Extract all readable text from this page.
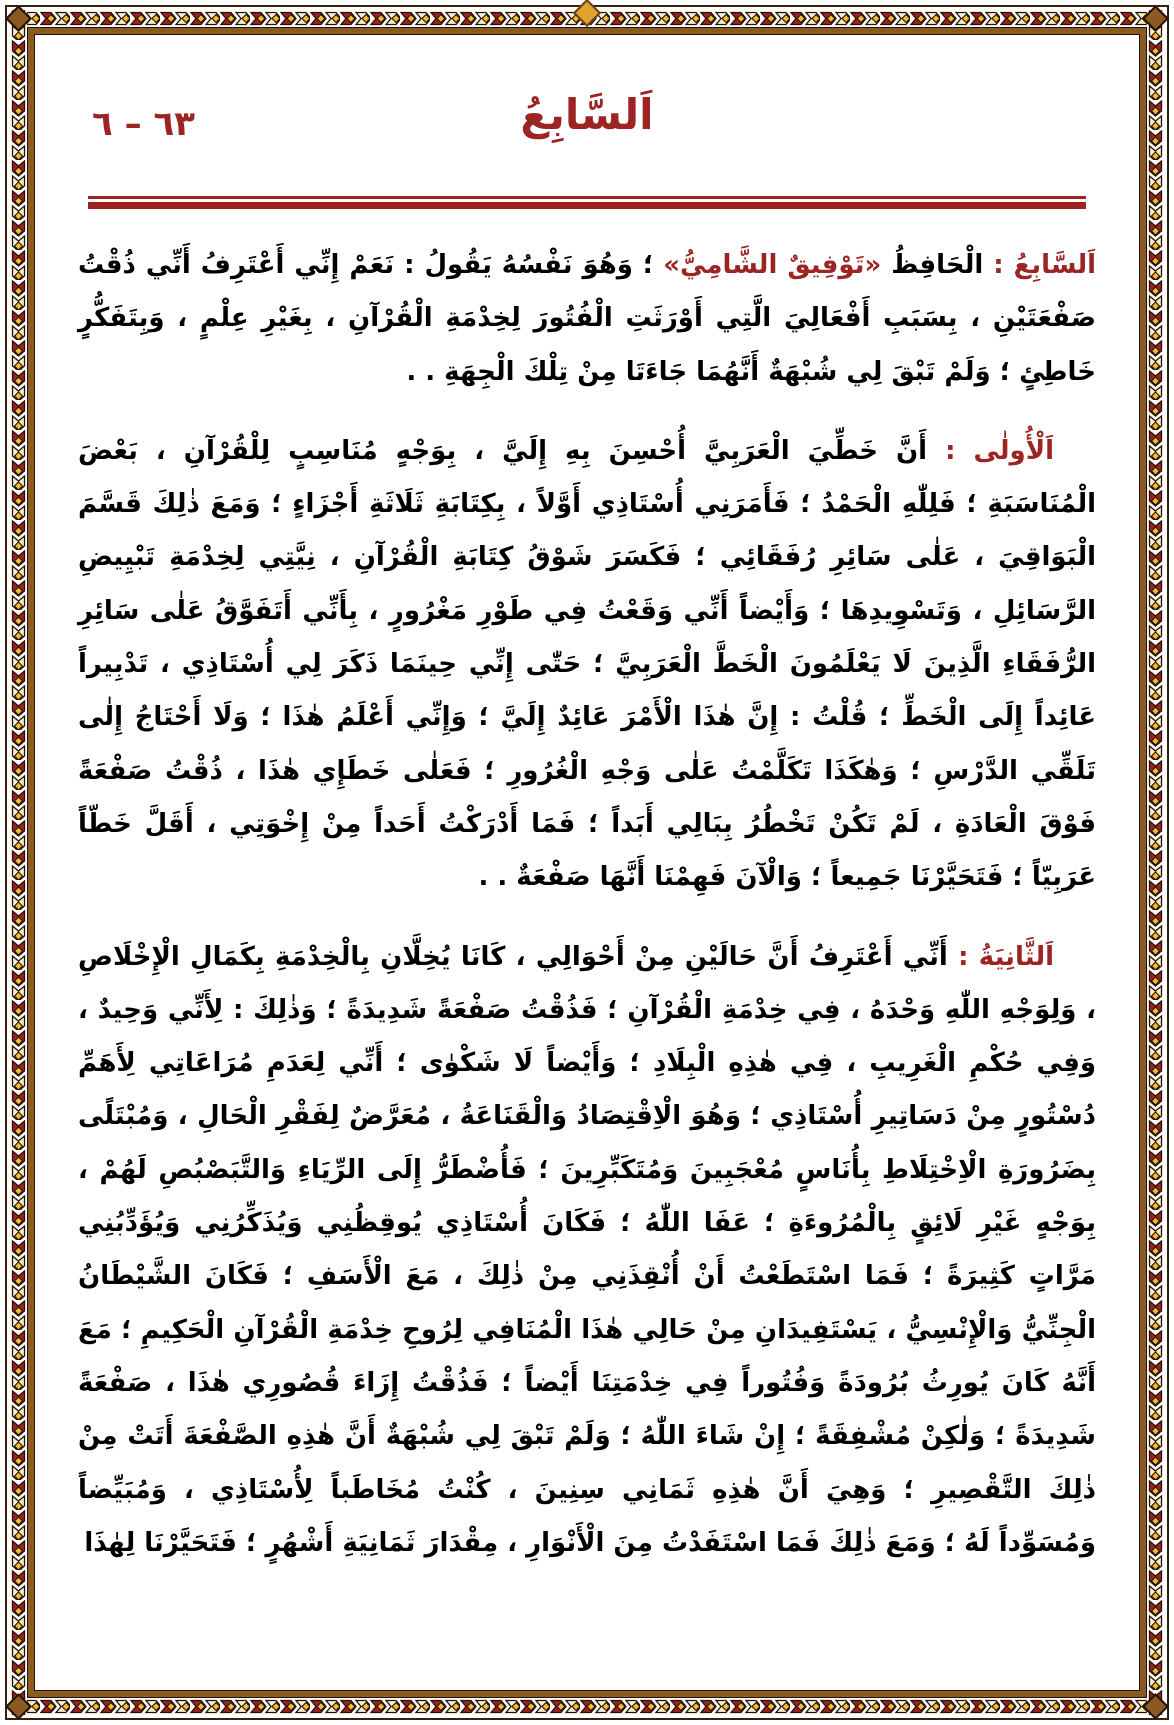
٦٣ – ٦	اَلسَّابِعُ

اَلسَّابِعُ : الْحَافِظُ «تَوْفِيقٌ الشَّامِيُّ» ؛ وَهُوَ نَفْسُهُ يَقُولُ : نَعَمْ إِنِّي أَعْتَرِفُ أَنِّي ذُقْتُ صَفْعَتَيْنِ ، بِسَبَبِ أَفْعَالِيَ الَّتِي أَوْرَثَتِ الْفُتُورَ لِخِدْمَةِ الْقُرْآنِ ، بِغَيْرِ عِلْمٍ ، وَبِتَفَكُّرٍ خَاطِئٍ ؛ وَلَمْ تَبْقَ لِي شُبْهَةٌ أَنَّهُمَا جَاءَتَا مِنْ تِلْكَ الْجِهَةِ . .

اَلْأُولٰى : أَنَّ خَطِّيَ الْعَرَبِيَّ أُحْسِنَ بِهِ إِلَيَّ ، بِوَجْهٍ مُنَاسِبٍ لِلْقُرْآنِ ، بَعْضَ الْمُنَاسَبَةِ ؛ فَلِلّٰهِ الْحَمْدُ ؛ فَأَمَرَنِي أُسْتَاذِي أَوَّلاً ، بِكِتَابَةِ ثَلَاثَةِ أَجْزَاءٍ ؛ وَمَعَ ذٰلِكَ قَسَّمَ الْبَوَاقِيَ ، عَلٰى سَائِرِ رُفَقَائِي ؛ فَكَسَرَ شَوْقُ كِتَابَةِ الْقُرْآنِ ، نِيَّتِي لِخِدْمَةِ تَبْيِيضِ الرَّسَائِلِ ، وَتَسْوِيدِهَا ؛ وَأَيْضاً أَنِّي وَقَعْتُ فِي طَوْرِ مَغْرُورٍ ، بِأَنِّي أَتَفَوَّقُ عَلٰى سَائِرِ الرُّفَقَاءِ الَّذِينَ لَا يَعْلَمُونَ الْخَطَّ الْعَرَبِيَّ ؛ حَتّٰى إِنِّي حِينَمَا ذَكَرَ لِي أُسْتَاذِي ، تَدْبِيراً عَائِداً إِلَى الْخَطِّ ؛ قُلْتُ : إِنَّ هٰذَا الْأَمْرَ عَائِدٌ إِلَيَّ ؛ وَإِنِّي أَعْلَمُ هٰذَا ؛ وَلَا أَحْتَاجُ إِلٰى تَلَقِّي الدَّرْسِ ؛ وَهٰكَذَا تَكَلَّمْتُ عَلٰى وَجْهِ الْغُرُورِ ؛ فَعَلٰى خَطَإِي هٰذَا ، ذُقْتُ صَفْعَةً فَوْقَ الْعَادَةِ ، لَمْ تَكُنْ تَخْطُرُ بِبَالِي أَبَداً ؛ فَمَا أَدْرَكْتُ أَحَداً مِنْ إِخْوَتِي ، أَقَلَّ خَطّاً عَرَبِيّاً ؛ فَتَحَيَّرْنَا جَمِيعاً ؛ وَالْآنَ فَهِمْنَا أَنَّهَا صَفْعَةٌ . .

اَلثَّانِيَةُ : أَنِّي أَعْتَرِفُ أَنَّ حَالَيْنِ مِنْ أَحْوَالِي ، كَانَا يُخِلَّانِ بِالْخِدْمَةِ بِكَمَالِ الْإِخْلَاصِ ، وَلِوَجْهِ اللّٰهِ وَحْدَهُ ، فِي خِدْمَةِ الْقُرْآنِ ؛ فَذُقْتُ صَفْعَةً شَدِيدَةً ؛ وَذٰلِكَ : لِأَنِّي وَحِيدٌ ، وَفِي حُكْمِ الْغَرِيبِ ، فِي هٰذِهِ الْبِلَادِ ؛ وَأَيْضاً لَا شَكْوٰى ؛ أَنِّي لِعَدَمِ مُرَاعَاتِي لِأَهَمِّ دُسْتُورٍ مِنْ دَسَاتِيرِ أُسْتَاذِي ؛ وَهُوَ الْاِقْتِصَادُ وَالْقَنَاعَةُ ، مُعَرَّضٌ لِفَقْرِ الْحَالِ ، وَمُبْتَلًى بِضَرُورَةِ الْاِخْتِلَاطِ بِأُنَاسٍ مُعْجَبِينَ وَمُتَكَبِّرِينَ ؛ فَأُضْطَرُّ إِلَى الرِّيَاءِ وَالتَّبَصْبُصِ لَهُمْ ، بِوَجْهٍ غَيْرِ لَائِقٍ بِالْمُرُوءَةِ ؛ عَفَا اللّٰهُ ؛ فَكَانَ أُسْتَاذِي يُوقِظُنِي وَيُذَكِّرُنِي وَيُؤَدِّبُنِي مَرَّاتٍ كَثِيرَةً ؛ فَمَا اسْتَطَعْتُ أَنْ أُنْقِذَنِي مِنْ ذٰلِكَ ، مَعَ الْأَسَفِ ؛ فَكَانَ الشَّيْطَانُ الْجِنِّيُّ وَالْإِنْسِيُّ ، يَسْتَفِيدَانِ مِنْ حَالِي هٰذَا الْمُنَافِي لِرُوحِ خِدْمَةِ الْقُرْآنِ الْحَكِيمِ ؛ مَعَ أَنَّهُ كَانَ يُورِثُ بُرُودَةً وَفُتُوراً فِي خِدْمَتِنَا أَيْضاً ؛ فَذُقْتُ إِزَاءَ قُصُورِي هٰذَا ، صَفْعَةً شَدِيدَةً ؛ وَلٰكِنْ مُشْفِقَةً ؛ إِنْ شَاءَ اللّٰهُ ؛ وَلَمْ تَبْقَ لِي شُبْهَةٌ أَنَّ هٰذِهِ الصَّفْعَةَ أَتَتْ مِنْ ذٰلِكَ التَّقْصِيرِ ؛ وَهِيَ أَنَّ هٰذِهِ ثَمَانِي سِنِينَ ، كُنْتُ مُخَاطَباً لِأُسْتَاذِي ، وَمُبَيِّضاً وَمُسَوِّداً لَهُ ؛ وَمَعَ ذٰلِكَ فَمَا اسْتَفَدْتُ مِنَ الْأَنْوَارِ ، مِقْدَارَ ثَمَانِيَةِ أَشْهُرٍ ؛ فَتَحَيَّرْنَا لِهٰذَا
